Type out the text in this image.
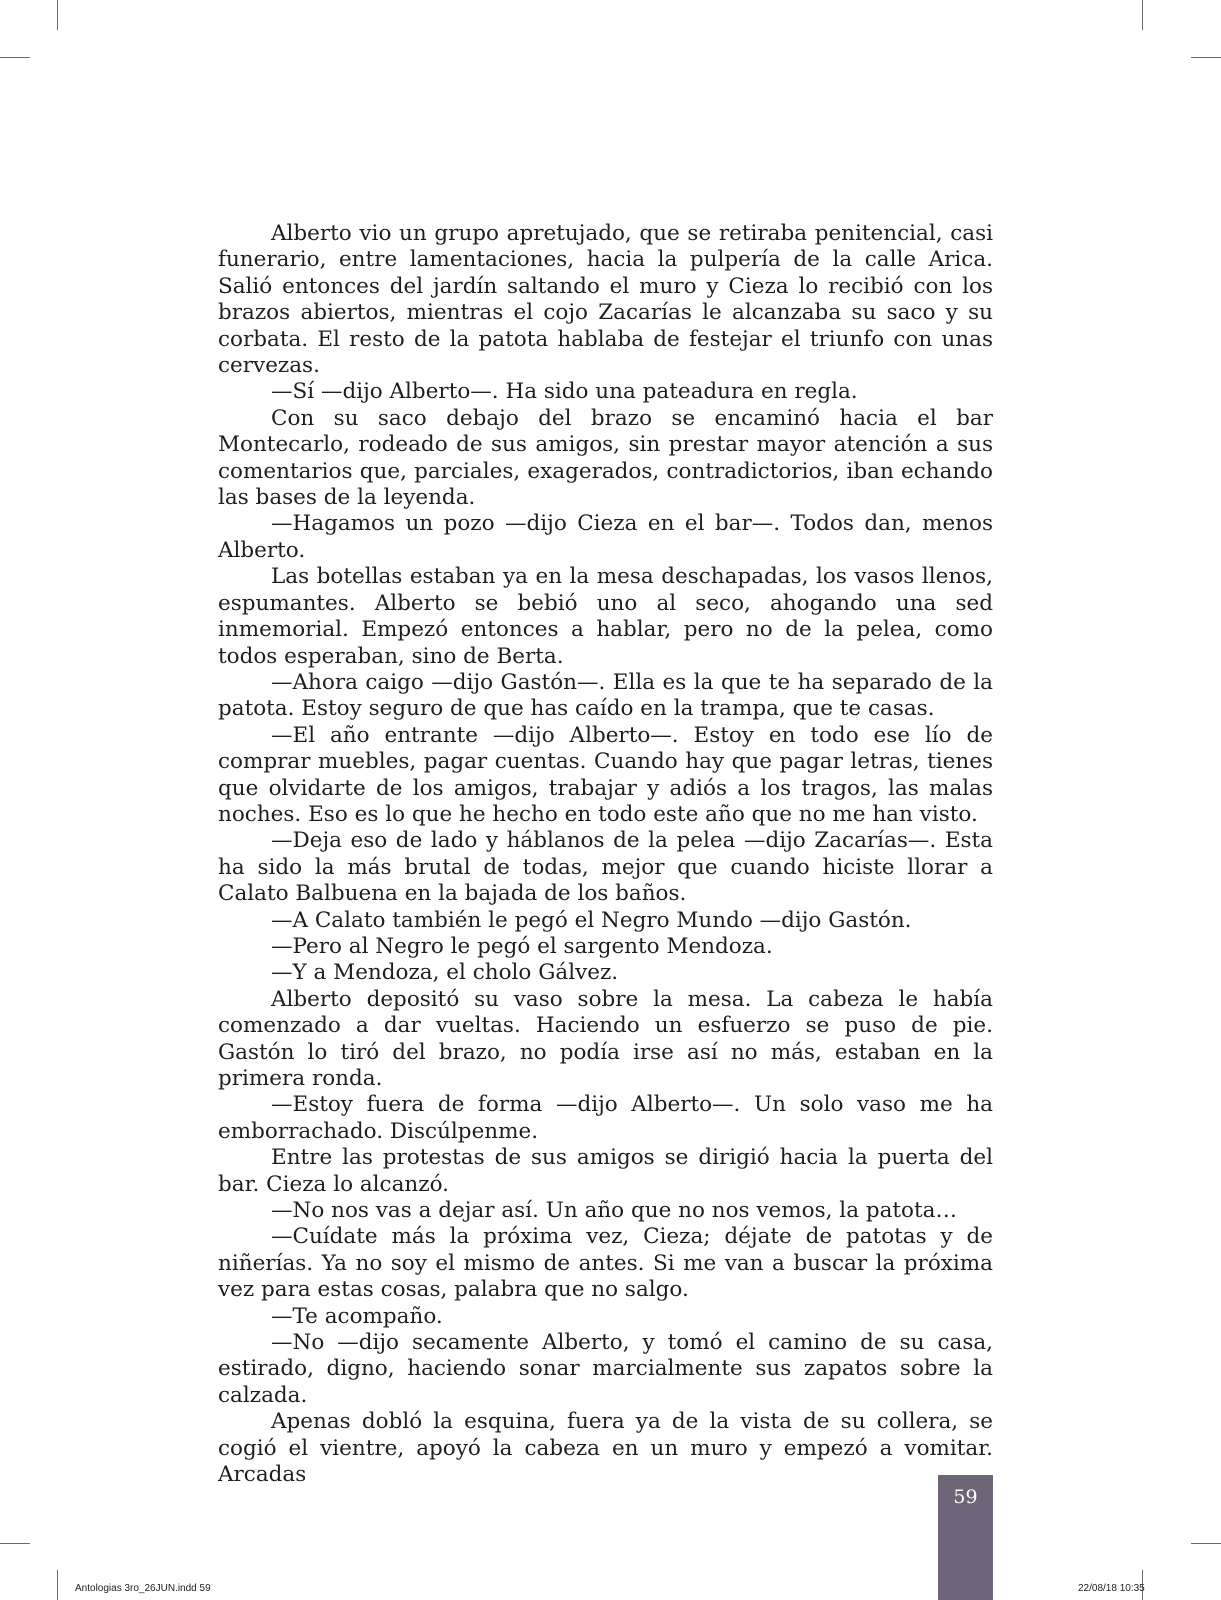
Alberto vio un grupo apretujado, que se retiraba penitencial, casi funerario, entre lamentaciones, hacia la pulpería de la calle Arica. Salió entonces del jardín saltando el muro y Cieza lo recibió con los brazos abiertos, mientras el cojo Zacarías le alcanzaba su saco y su corbata. El resto de la patota hablaba de festejar el triunfo con unas cervezas.

—Sí —dijo Alberto—. Ha sido una pateadura en regla.

Con su saco debajo del brazo se encaminó hacia el bar Montecarlo, rodeado de sus amigos, sin prestar mayor atención a sus comentarios que, parciales, exagerados, contradictorios, iban echando las bases de la leyenda.

—Hagamos un pozo —dijo Cieza en el bar—. Todos dan, menos Alberto.

Las botellas estaban ya en la mesa deschapadas, los vasos llenos, espumantes. Alberto se bebió uno al seco, ahogando una sed inmemorial. Empezó entonces a hablar, pero no de la pelea, como todos esperaban, sino de Berta.

—Ahora caigo —dijo Gastón—. Ella es la que te ha separado de la patota. Estoy seguro de que has caído en la trampa, que te casas.

—El año entrante —dijo Alberto—. Estoy en todo ese lío de comprar muebles, pagar cuentas. Cuando hay que pagar letras, tienes que olvidarte de los amigos, trabajar y adiós a los tragos, las malas noches. Eso es lo que he hecho en todo este año que no me han visto.

—Deja eso de lado y háblanos de la pelea —dijo Zacarías—. Esta ha sido la más brutal de todas, mejor que cuando hiciste llorar a Calato Balbuena en la bajada de los baños.

—A Calato también le pegó el Negro Mundo —dijo Gastón.

—Pero al Negro le pegó el sargento Mendoza.

—Y a Mendoza, el cholo Gálvez.

Alberto depositó su vaso sobre la mesa. La cabeza le había comenzado a dar vueltas. Haciendo un esfuerzo se puso de pie. Gastón lo tiró del brazo, no podía irse así no más, estaban en la primera ronda.

—Estoy fuera de forma —dijo Alberto—. Un solo vaso me ha emborrachado. Discúlpenme.

Entre las protestas de sus amigos se dirigió hacia la puerta del bar. Cieza lo alcanzó.

—No nos vas a dejar así. Un año que no nos vemos, la patota…

—Cuídate más la próxima vez, Cieza; déjate de patotas y de niñerías. Ya no soy el mismo de antes. Si me van a buscar la próxima vez para estas cosas, palabra que no salgo.

—Te acompaño.

—No —dijo secamente Alberto, y tomó el camino de su casa, estirado, digno, haciendo sonar marcialmente sus zapatos sobre la calzada.

Apenas dobló la esquina, fuera ya de la vista de su collera, se cogió el vientre, apoyó la cabeza en un muro y empezó a vomitar. Arcadas

59
Antologias 3ro_26JUN.indd 59	22/08/18 10:35
